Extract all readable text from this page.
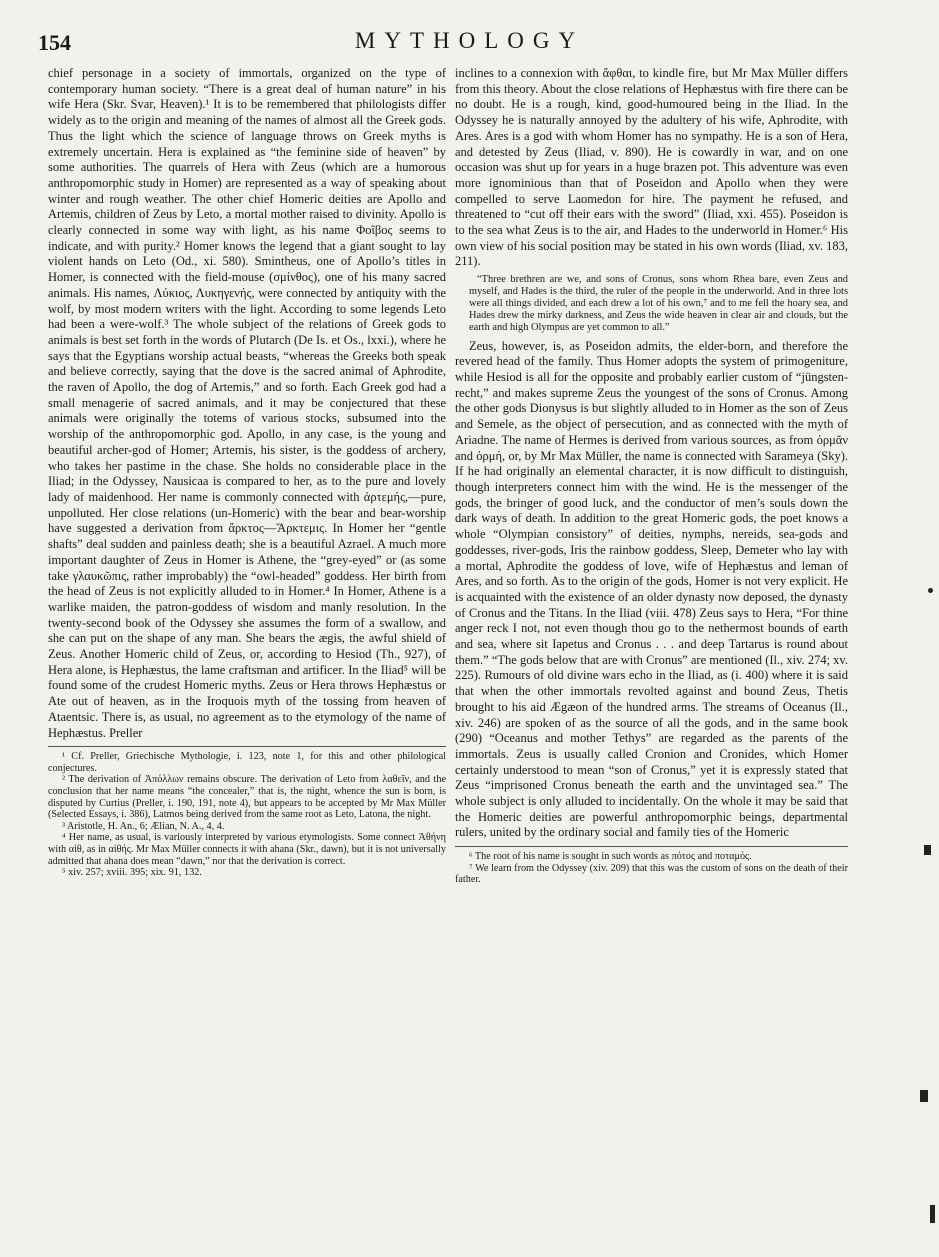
154	MYTHOLOGY

chief personage in a society of immortals, organized on the type of contemporary human society. “There is a great deal of human nature” in his wife Hera (Skr. Svar, Heaven).¹ It is to be remembered that philologists differ widely as to the origin and meaning of the names of almost all the Greek gods. Thus the light which the science of language throws on Greek myths is extremely uncertain. Hera is explained as “the feminine side of heaven” by some authorities. The quarrels of Hera with Zeus (which are a humorous anthropomorphic study in Homer) are represented as a way of speaking about winter and rough weather. The other chief Homeric deities are Apollo and Artemis, children of Zeus by Leto, a mortal mother raised to divinity. Apollo is clearly connected in some way with light, as his name Φοῖβος seems to indicate, and with purity.² Homer knows the legend that a giant sought to lay violent hands on Leto (Od., xi. 580). Smintheus, one of Apollo’s titles in Homer, is connected with the field-mouse (σμίνθος), one of his many sacred animals. His names, Λύκιος, Λυκηγενής, were connected by antiquity with the wolf, by most modern writers with the light. According to some legends Leto had been a were-wolf.³ The whole subject of the relations of Greek gods to animals is best set forth in the words of Plutarch (De Is. et Os., lxxi.), where he says that the Egyptians worship actual beasts, “whereas the Greeks both speak and believe correctly, saying that the dove is the sacred animal of Aphrodite, the raven of Apollo, the dog of Artemis,” and so forth. Each Greek god had a small menagerie of sacred animals, and it may be conjectured that these animals were originally the totems of various stocks, subsumed into the worship of the anthropomorphic god. Apollo, in any case, is the young and beautiful archer-god of Homer; Artemis, his sister, is the goddess of archery, who takes her pastime in the chase. She holds no considerable place in the Iliad; in the Odyssey, Nausicaa is compared to her, as to the pure and lovely lady of maidenhood. Her name is commonly connected with ἀρτεμής,—pure, unpolluted. Her close relations (un-Homeric) with the bear and bear-worship have suggested a derivation from ἄρκτος—Ἄρκτεμις. In Homer her “gentle shafts” deal sudden and painless death; she is a beautiful Azrael. A much more important daughter of Zeus in Homer is Athene, the “grey-eyed” or (as some take γλαυκῶπις, rather improbably) the “owl-headed” goddess. Her birth from the head of Zeus is not explicitly alluded to in Homer.⁴ In Homer, Athene is a warlike maiden, the patron-goddess of wisdom and manly resolution. In the twenty-second book of the Odyssey she assumes the form of a swallow, and she can put on the shape of any man. She bears the ægis, the awful shield of Zeus. Another Homeric child of Zeus, or, according to Hesiod (Th., 927), of Hera alone, is Hephæstus, the lame craftsman and artificer. In the Iliad⁵ will be found some of the crudest Homeric myths. Zeus or Hera throws Hephæstus or Ate out of heaven, as in the Iroquois myth of the tossing from heaven of Ataentsic. There is, as usual, no agreement as to the etymology of the name of Hephæstus. Preller

¹ Cf. Preller, Griechische Mythologie, i. 123, note 1, for this and other philological conjectures.

² The derivation of Ἀπόλλων remains obscure. The derivation of Leto from λαθεῖν, and the conclusion that her name means “the concealer,” that is, the night, whence the sun is born, is disputed by Curtius (Preller, i. 190, 191, note 4), but appears to be accepted by Mr Max Müller (Selected Essays, i. 386), Latmos being derived from the same root as Leto, Latona, the night.

³ Aristotle, H. An., 6; Ælian, N. A., 4, 4.

⁴ Her name, as usual, is variously interpreted by various etymologists. Some connect Ἀθήνη with αἰθ, as in αἰθής. Mr Max Müller connects it with ahana (Skr., dawn), but it is not universally admitted that ahana does mean “dawn,” nor that the derivation is correct.

⁵ xiv. 257; xviii. 395; xix. 91, 132.

inclines to a connexion with ἅφθαι, to kindle fire, but Mr Max Müller differs from this theory. About the close relations of Hephæstus with fire there can be no doubt. He is a rough, kind, good-humoured being in the Iliad. In the Odyssey he is naturally annoyed by the adultery of his wife, Aphrodite, with Ares. Ares is a god with whom Homer has no sympathy. He is a son of Hera, and detested by Zeus (Iliad, v. 890). He is cowardly in war, and on one occasion was shut up for years in a huge brazen pot. This adventure was even more ignominious than that of Poseidon and Apollo when they were compelled to serve Laomedon for hire. The payment he refused, and threatened to “cut off their ears with the sword” (Iliad, xxi. 455). Poseidon is to the sea what Zeus is to the air, and Hades to the underworld in Homer.⁶ His own view of his social position may be stated in his own words (Iliad, xv. 183, 211).

“Three brethren are we, and sons of Cronus, sons whom Rhea bare, even Zeus and myself, and Hades is the third, the ruler of the people in the underworld. And in three lots were all things divided, and each drew a lot of his own,⁷ and to me fell the hoary sea, and Hades drew the mirky darkness, and Zeus the wide heaven in clear air and clouds, but the earth and high Olympus are yet common to all.”

Zeus, however, is, as Poseidon admits, the elder-born, and therefore the revered head of the family. Thus Homer adopts the system of primogeniture, while Hesiod is all for the opposite and probably earlier custom of “jüngsten-recht,” and makes supreme Zeus the youngest of the sons of Cronus. Among the other gods Dionysus is but slightly alluded to in Homer as the son of Zeus and Semele, as the object of persecution, and as connected with the myth of Ariadne. The name of Hermes is derived from various sources, as from ὁρμᾶν and ὁρμή, or, by Mr Max Müller, the name is connected with Sarameya (Sky). If he had originally an elemental character, it is now difficult to distinguish, though interpreters connect him with the wind. He is the messenger of the gods, the bringer of good luck, and the conductor of men’s souls down the dark ways of death. In addition to the great Homeric gods, the poet knows a whole “Olympian consistory” of deities, nymphs, nereids, sea-gods and goddesses, river-gods, Iris the rainbow goddess, Sleep, Demeter who lay with a mortal, Aphrodite the goddess of love, wife of Hephæstus and leman of Ares, and so forth. As to the origin of the gods, Homer is not very explicit. He is acquainted with the existence of an older dynasty now deposed, the dynasty of Cronus and the Titans. In the Iliad (viii. 478) Zeus says to Hera, “For thine anger reck I not, not even though thou go to the nethermost bounds of earth and sea, where sit Iapetus and Cronus . . . and deep Tartarus is round about them.” “The gods below that are with Cronus” are mentioned (Il., xiv. 274; xv. 225). Rumours of old divine wars echo in the Iliad, as (i. 400) where it is said that when the other immortals revolted against and bound Zeus, Thetis brought to his aid Ægæon of the hundred arms. The streams of Oceanus (Il., xiv. 246) are spoken of as the source of all the gods, and in the same book (290) “Oceanus and mother Tethys” are regarded as the parents of the immortals. Zeus is usually called Cronion and Cronides, which Homer certainly understood to mean “son of Cronus,” yet it is expressly stated that Zeus “imprisoned Cronus beneath the earth and the unvintaged sea.” The whole subject is only alluded to incidentally. On the whole it may be said that the Homeric deities are powerful anthropomorphic beings, departmental rulers, united by the ordinary social and family ties of the Homeric

⁶ The root of his name is sought in such words as πότος and ποταμός.

⁷ We learn from the Odyssey (xiv. 209) that this was the custom of sons on the death of their father.
